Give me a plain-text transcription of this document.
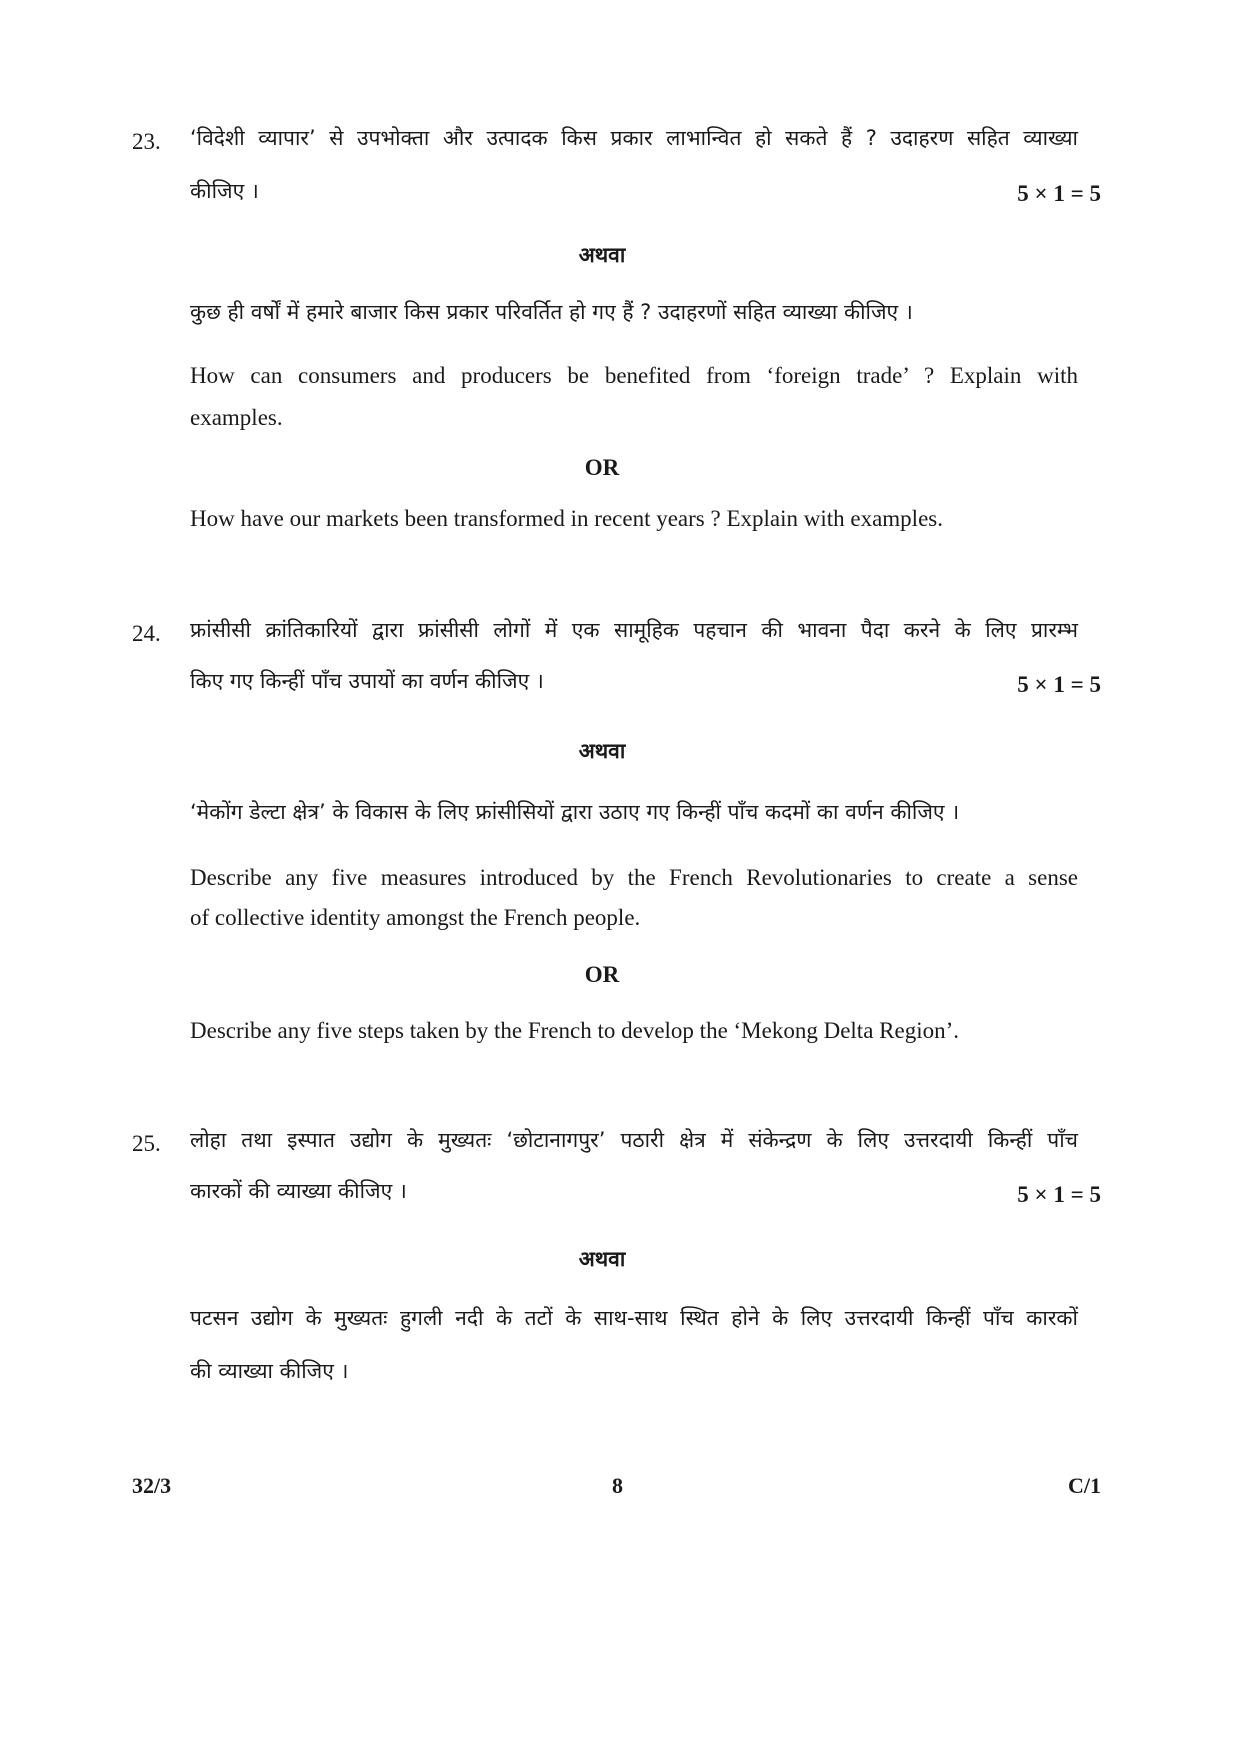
23. ‘विदेशी व्यापार’ से उपभोक्ता और उत्पादक किस प्रकार लाभान्वित हो सकते हैं ? उदाहरण सहित व्याख्या
कीजिए ।	5 × 1 = 5
अथवा
कुछ ही वर्षों में हमारे बाजार किस प्रकार परिवर्तित हो गए हैं ? उदाहरणों सहित व्याख्या कीजिए ।
How can consumers and producers be benefited from ‘foreign trade’ ? Explain with
examples.
OR
How have our markets been transformed in recent years ? Explain with examples.
24. फ्रांसीसी क्रांतिकारियों द्वारा फ्रांसीसी लोगों में एक सामूहिक पहचान की भावना पैदा करने के लिए प्रारम्भ
किए गए किन्हीं पाँच उपायों का वर्णन कीजिए ।	5 × 1 = 5
अथवा
‘मेकोंग डेल्टा क्षेत्र’ के विकास के लिए फ्रांसीसियों द्वारा उठाए गए किन्हीं पाँच कदमों का वर्णन कीजिए ।
Describe any five measures introduced by the French Revolutionaries to create a sense
of collective identity amongst the French people.
OR
Describe any five steps taken by the French to develop the ‘Mekong Delta Region’.
25. लोहा तथा इस्पात उद्योग के मुख्यतः ‘छोटानागपुर’ पठारी क्षेत्र में संकेन्द्रण के लिए उत्तरदायी किन्हीं पाँच
कारकों की व्याख्या कीजिए ।	5 × 1 = 5
अथवा
पटसन उद्योग के मुख्यतः हुगली नदी के तटों के साथ-साथ स्थित होने के लिए उत्तरदायी किन्हीं पाँच कारकों
की व्याख्या कीजिए ।
32/3	8	C/1
